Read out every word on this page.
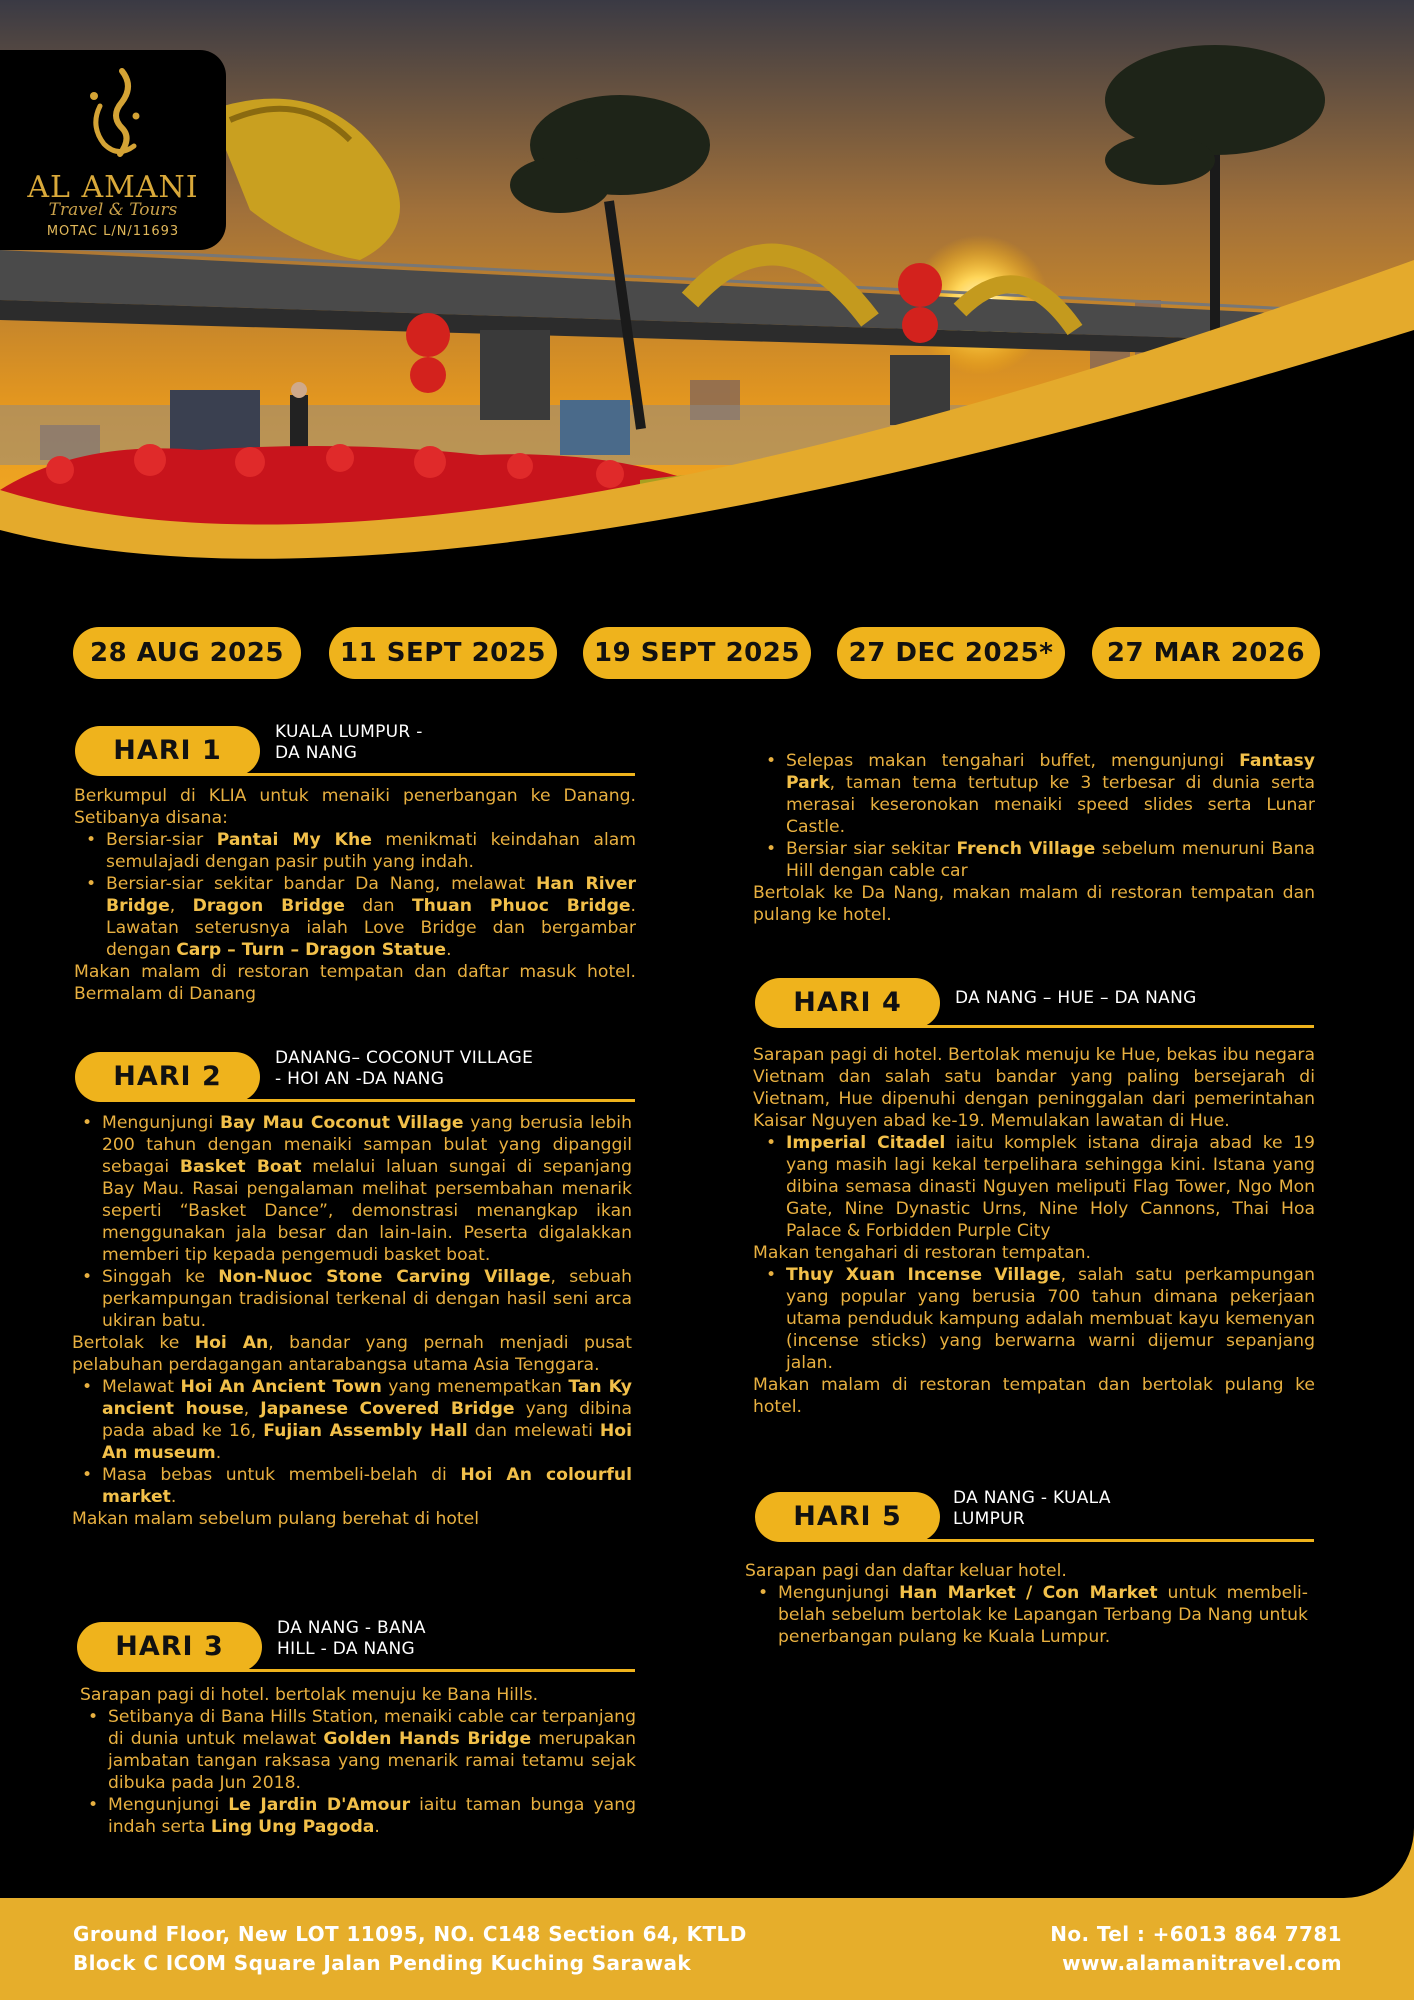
AL AMANI
Travel & Tours
MOTAC L/N/11693
28 AUG 2025	11 SEPT 2025	19 SEPT 2025	27 DEC 2025*	27 MAR 2026
HARI 1
KUALA LUMPUR -
DA NANG

Berkumpul di KLIA untuk menaiki penerbangan ke Danang. Setibanya disana:

• Bersiar-siar Pantai My Khe menikmati keindahan alam semulajadi dengan pasir putih yang indah.
• Bersiar-siar sekitar bandar Da Nang, melawat Han River Bridge, Dragon Bridge dan Thuan Phuoc Bridge. Lawatan seterusnya ialah Love Bridge dan bergambar dengan Carp – Turn – Dragon Statue.

Makan malam di restoran tempatan dan daftar masuk hotel. Bermalam di Danang

HARI 2
DANANG– COCONUT VILLAGE
- HOI AN -DA NANG
• Mengunjungi Bay Mau Coconut Village yang berusia lebih 200 tahun dengan menaiki sampan bulat yang dipanggil sebagai Basket Boat melalui laluan sungai di sepanjang Bay Mau. Rasai pengalaman melihat persembahan menarik seperti “Basket Dance”, demonstrasi menangkap ikan menggunakan jala besar dan lain-lain. Peserta digalakkan memberi tip kepada pengemudi basket boat.
• Singgah ke Non-Nuoc Stone Carving Village, sebuah perkampungan tradisional terkenal di dengan hasil seni arca ukiran batu.

Bertolak ke Hoi An, bandar yang pernah menjadi pusat pelabuhan perdagangan antarabangsa utama Asia Tenggara.

• Melawat Hoi An Ancient Town yang menempatkan Tan Ky ancient house, Japanese Covered Bridge yang dibina pada abad ke 16, Fujian Assembly Hall dan melewati Hoi An museum.
• Masa bebas untuk membeli-belah di Hoi An colourful market.

Makan malam sebelum pulang berehat di hotel

HARI 3
DA NANG - BANA
HILL - DA NANG

Sarapan pagi di hotel. bertolak menuju ke Bana Hills.

• Setibanya di Bana Hills Station, menaiki cable car terpanjang di dunia untuk melawat Golden Hands Bridge merupakan jambatan tangan raksasa yang menarik ramai tetamu sejak dibuka pada Jun 2018.
• Mengunjungi Le Jardin D'Amour iaitu taman bunga yang indah serta Ling Ung Pagoda.
• Selepas makan tengahari buffet, mengunjungi Fantasy Park, taman tema tertutup ke 3 terbesar di dunia serta merasai keseronokan menaiki speed slides serta Lunar Castle.
• Bersiar siar sekitar French Village sebelum menuruni Bana Hill dengan cable car

Bertolak ke Da Nang, makan malam di restoran tempatan dan pulang ke hotel.

HARI 4	DA NANG – HUE – DA NANG

Sarapan pagi di hotel. Bertolak menuju ke Hue, bekas ibu negara Vietnam dan salah satu bandar yang paling bersejarah di Vietnam, Hue dipenuhi dengan peninggalan dari pemerintahan Kaisar Nguyen abad ke-19. Memulakan lawatan di Hue.

• Imperial Citadel iaitu komplek istana diraja abad ke 19 yang masih lagi kekal terpelihara sehingga kini. Istana yang dibina semasa dinasti Nguyen meliputi Flag Tower, Ngo Mon Gate, Nine Dynastic Urns, Nine Holy Cannons, Thai Hoa Palace & Forbidden Purple City

Makan tengahari di restoran tempatan.

• Thuy Xuan Incense Village, salah satu perkampungan yang popular yang berusia 700 tahun dimana pekerjaan utama penduduk kampung adalah membuat kayu kemenyan (incense sticks) yang berwarna warni dijemur sepanjang jalan.

Makan malam di restoran tempatan dan bertolak pulang ke hotel.

HARI 5
DA NANG - KUALA
LUMPUR

Sarapan pagi dan daftar keluar hotel.

• Mengunjungi Han Market / Con Market untuk membeli- belah sebelum bertolak ke Lapangan Terbang Da Nang untuk penerbangan pulang ke Kuala Lumpur.
Ground Floor, New LOT 11095, NO. C148 Section 64, KTLD
Block C ICOM Square Jalan Pending Kuching Sarawak
No. Tel : +6013 864 7781
www.alamanitravel.com
